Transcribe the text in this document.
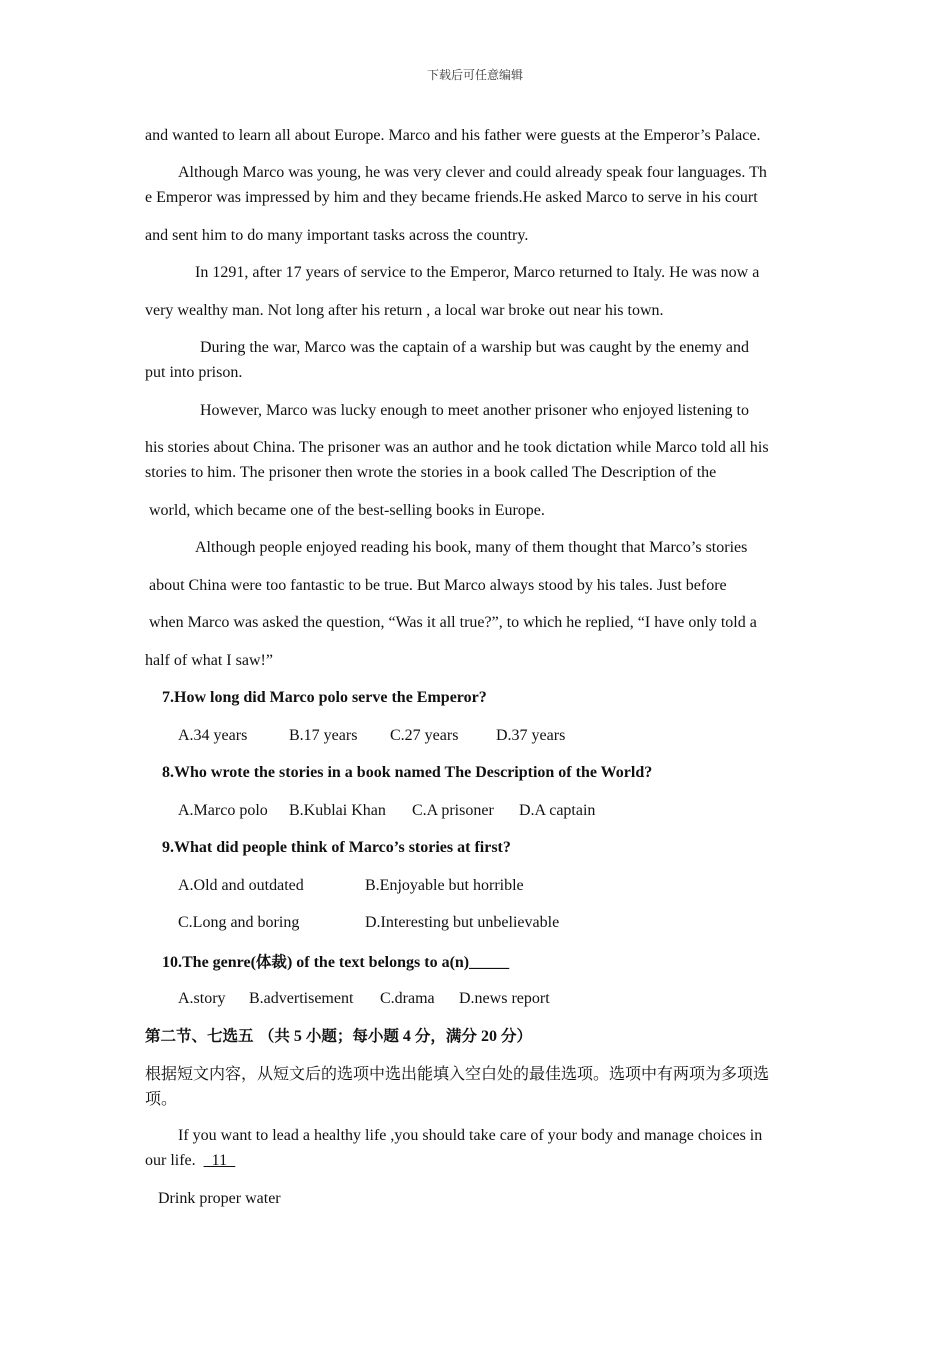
下载后可任意编辑
and wanted to learn all about Europe. Marco and his father were guests at the Emperor’s Palace.
Although Marco was young, he was very clever and could already speak four languages. Th
e Emperor was impressed by him and they became friends.He asked Marco to serve in his court
and sent him to do many important tasks across the country.
In 1291, after 17 years of service to the Emperor, Marco returned to Italy. He was now a
very wealthy man. Not long after his return , a local war broke out near his town.
During the war, Marco was the captain of a warship but was caught by the enemy and
put into prison.
However, Marco was lucky enough to meet another prisoner who enjoyed listening to
his stories about China. The prisoner was an author and he took dictation while Marco told all his
stories to him. The prisoner then wrote the stories in a book called The Description of the
world, which became one of the best-selling books in Europe.
Although people enjoyed reading his book, many of them thought that Marco’s stories
about China were too fantastic to be true. But Marco always stood by his tales. Just before
when Marco was asked the question, “Was it all true?”, to which he replied, “I have only told a
half of what I saw!”
7.How long did Marco polo serve the Emperor?
A.34 years	B.17 years C.27 years D.37 years
8.Who wrote the stories in a book named The Description of the World?
A.Marco polo B.Kublai Khan C.A prisoner D.A captain
9.What did people think of Marco’s stories at first?
A.Old and outdated	B.Enjoyable but horrible
C.Long and boring	D.Interesting but unbelievable
10.The genre(体裁) of the text belongs to a(n)_____
A.story B.advertisement C.drama D.news report
第二节、七选五 （共 5 小题；每小题 4 分，满分 20 分）
根据短文内容，从短文后的选项中选出能填入空白处的最佳选项。选项中有两项为多项选
项。
If you want to lead a healthy life ,you should take care of your body and manage choices in
our life. _11_
Drink proper water
